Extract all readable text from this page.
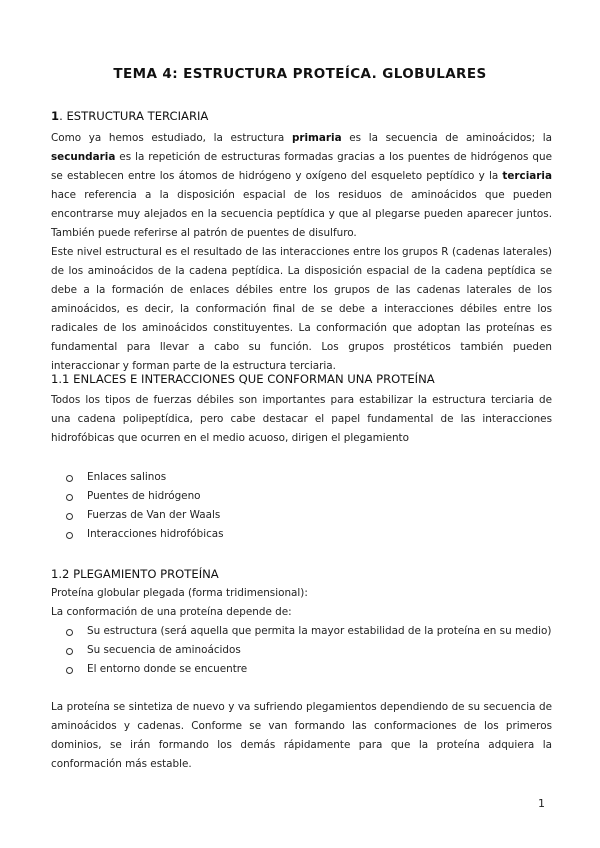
TEMA 4: ESTRUCTURA PROTEÍCA. GLOBULARES
1. ESTRUCTURA TERCIARIA
Como ya hemos estudiado, la estructura primaria es la secuencia de aminoácidos; la secundaria es la repetición de estructuras formadas gracias a los puentes de hidrógenos que se establecen entre los átomos de hidrógeno y oxígeno del esqueleto peptídico y la terciaria hace referencia a la disposición espacial de los residuos de aminoácidos que pueden encontrarse muy alejados en la secuencia peptídica y que al plegarse pueden aparecer juntos. También puede referirse al patrón de puentes de disulfuro.
Este nivel estructural es el resultado de las interacciones entre los grupos R (cadenas laterales) de los aminoácidos de la cadena peptídica. La disposición espacial de la cadena peptídica se debe a la formación de enlaces débiles entre los grupos de las cadenas laterales de los aminoácidos, es decir, la conformación final de se debe a interacciones débiles entre los radicales de los aminoácidos constituyentes. La conformación que adoptan las proteínas es fundamental para llevar a cabo su función. Los grupos prostéticos también pueden interaccionar y forman parte de la estructura terciaria.
1.1 ENLACES E INTERACCIONES QUE CONFORMAN UNA PROTEÍNA
Todos los tipos de fuerzas débiles son importantes para estabilizar la estructura terciaria de una cadena polipeptídica, pero cabe destacar el papel fundamental de las interacciones hidrofóbicas que ocurren en el medio acuoso, dirigen el plegamiento
Enlaces salinos
Puentes de hidrógeno
Fuerzas de Van der Waals
Interacciones hidrofóbicas
1.2 PLEGAMIENTO PROTEÍNA
Proteína globular plegada (forma tridimensional):
La conformación de una proteína depende de:
Su estructura (será aquella que permita la mayor estabilidad de la proteína en su medio)
Su secuencia de aminoácidos
El entorno donde se encuentre
La proteína se sintetiza de nuevo y va sufriendo plegamientos dependiendo de su secuencia de aminoácidos y cadenas. Conforme se van formando las conformaciones de los primeros dominios, se irán formando los demás rápidamente para que la proteína adquiera la conformación más estable.
1
